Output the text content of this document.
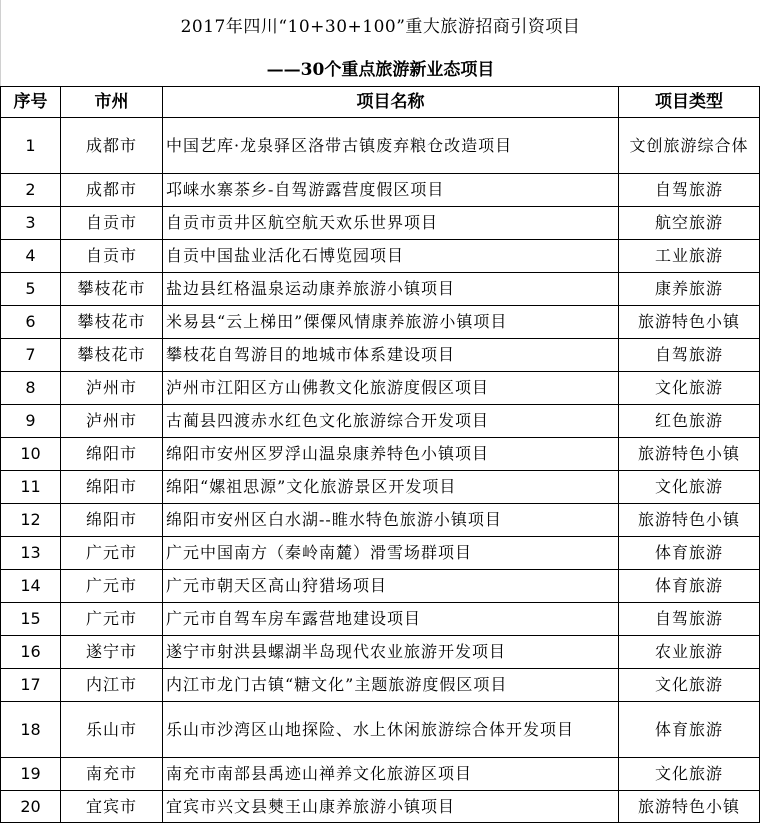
2017年四川“10+30+100”重大旅游招商引资项目
——30个重点旅游新业态项目
序号	市州	项目名称	项目类型
1	成都市	中国艺库·龙泉驿区洛带古镇废弃粮仓改造项目	文创旅游综合体
2	成都市	邛崃水寨茶乡-自驾游露营度假区项目	自驾旅游
3	自贡市	自贡市贡井区航空航天欢乐世界项目	航空旅游
4	自贡市	自贡中国盐业活化石博览园项目	工业旅游
5	攀枝花市	盐边县红格温泉运动康养旅游小镇项目	康养旅游
6	攀枝花市	米易县“云上梯田”傈僳风情康养旅游小镇项目	旅游特色小镇
7	攀枝花市	攀枝花自驾游目的地城市体系建设项目	自驾旅游
8	泸州市	泸州市江阳区方山佛教文化旅游度假区项目	文化旅游
9	泸州市	古蔺县四渡赤水红色文化旅游综合开发项目	红色旅游
10	绵阳市	绵阳市安州区罗浮山温泉康养特色小镇项目	旅游特色小镇
11	绵阳市	绵阳“嫘祖思源”文化旅游景区开发项目	文化旅游
12	绵阳市	绵阳市安州区白水湖--睢水特色旅游小镇项目	旅游特色小镇
13	广元市	广元中国南方（秦岭南麓）滑雪场群项目	体育旅游
14	广元市	广元市朝天区高山狩猎场项目	体育旅游
15	广元市	广元市自驾车房车露营地建设项目	自驾旅游
16	遂宁市	遂宁市射洪县螺湖半岛现代农业旅游开发项目	农业旅游
17	内江市	内江市龙门古镇“糖文化”主题旅游度假区项目	文化旅游
18	乐山市	乐山市沙湾区山地探险、水上休闲旅游综合体开发项目	体育旅游
19	南充市	南充市南部县禹迹山禅养文化旅游区项目	文化旅游
20	宜宾市	宜宾市兴文县僰王山康养旅游小镇项目	旅游特色小镇
